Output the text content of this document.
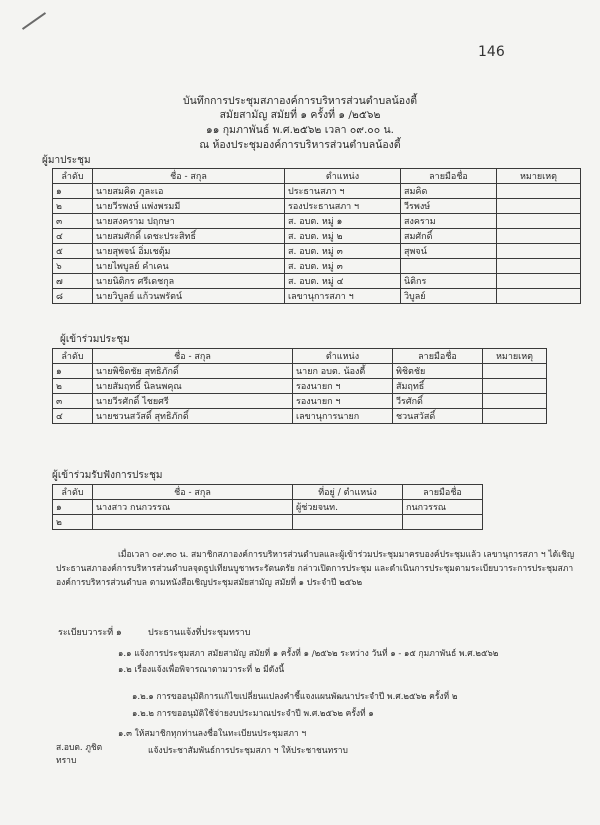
146
บันทึกการประชุมสภาองค์การบริหารส่วนตำบลน้องตี้
สมัยสามัญ สมัยที่ ๑ ครั้งที่ ๑ /๒๕๖๒
๑๑ กุมภาพันธ์ พ.ศ.๒๕๖๒ เวลา ๐๙.๐๐ น.
ณ ห้องประชุมองค์การบริหารส่วนตำบลน้องตี้
ผู้มาประชุม
ลำดับ	ชื่อ - สกุล	ตำแหน่ง	ลายมือชื่อ	หมายเหตุ
๑	นายสมคิด ภูละเอ	ประธานสภา ฯ	สมคิด	
๒	นายวีรพงษ์ แพ่งพรมมี	รองประธานสภา ฯ	วีรพงษ์	
๓	นายสงคราม ปฤกษา	ส. อบต. หมู่ ๑	สงคราม	
๔	นายสมศักดิ์ เดชะประสิทธิ์	ส. อบต. หมู่ ๒	สมศักดิ์	
๕	นายสุพจน์ อิ่มเชตุ้ม	ส. อบต. หมู่ ๓	สุพจน์	
๖	นายไพบูลย์ คำเคน	ส. อบต. หมู่ ๓		
๗	นายนิติกร ศรีเดชกุล	ส. อบต. หมู่ ๔	นิติกร	
๘	นายวิบูลย์ แก้วนพรัตน์	เลขานุการสภา ฯ	วิบูลย์	
ผู้เข้าร่วมประชุม
ลำดับ	ชื่อ - สกุล	ตำแหน่ง	ลายมือชื่อ	หมายเหตุ
๑	นายพิชิตชัย สุทธิภักดิ์	นายก อบต. น้องตี้	พิชิตชัย	
๒	นายสัมฤทธิ์ นิลนพคุณ	รองนายก ฯ	สัมฤทธิ์	
๓	นายวีรศักดิ์ ไชยศรี	รองนายก ฯ	วีรศักดิ์	
๔	นายชวนสวัสดิ์ สุทธิภักดิ์	เลขานุการนายก	ชวนสวัสดิ์	
ผู้เข้าร่วมรับฟังการประชุม
ลำดับ	ชื่อ - สกุล	ที่อยู่ / ตำแหน่ง	ลายมือชื่อ
๑	นางสาว กนกวรรณ	ผู้ช่วยจนท.	กนกวรรณ
๒			

เมื่อเวลา ๐๙.๓๐ น. สมาชิกสภาองค์การบริหารส่วนตำบลและผู้เข้าร่วมประชุมมาครบองค์ประชุมแล้ว เลขานุการสภา ฯ ได้เชิญประธานสภาองค์การบริหารส่วนตำบลจุดธูปเทียนบูชาพระรัตนตรัย กล่าวเปิดการประชุม และดำเนินการประชุมตามระเบียบวาระการประชุมสภาองค์การบริหารส่วนตำบล ตามหนังสือเชิญประชุมสมัยสามัญ สมัยที่ ๑ ประจำปี ๒๕๖๒

ระเบียบวาระที่ ๑	ประธานแจ้งที่ประชุมทราบ
๑.๑ แจ้งการประชุมสภา สมัยสามัญ สมัยที่ ๑ ครั้งที่ ๑ /๒๕๖๒ ระหว่าง วันที่ ๑ - ๑๕ กุมภาพันธ์ พ.ศ.๒๕๖๒
๑.๒ เรื่องแจ้งเพื่อพิจารณาตามวาระที่ ๒ มีดังนี้
๑.๒.๑ การขออนุมัติการแก้ไขเปลี่ยนแปลงคำชี้แจงแผนพัฒนาประจำปี พ.ศ.๒๕๖๒ ครั้งที่ ๒
๑.๒.๒ การขออนุมัติใช้จ่ายงบประมาณประจำปี พ.ศ.๒๕๖๒ ครั้งที่ ๑
๑.๓ ให้สมาชิกทุกท่านลงชื่อในทะเบียนประชุมสภา ฯ
แจ้งประชาสัมพันธ์การประชุมสภา ฯ ให้ประชาชนทราบ
ส.อบต. ภูชิต
ทราบ
